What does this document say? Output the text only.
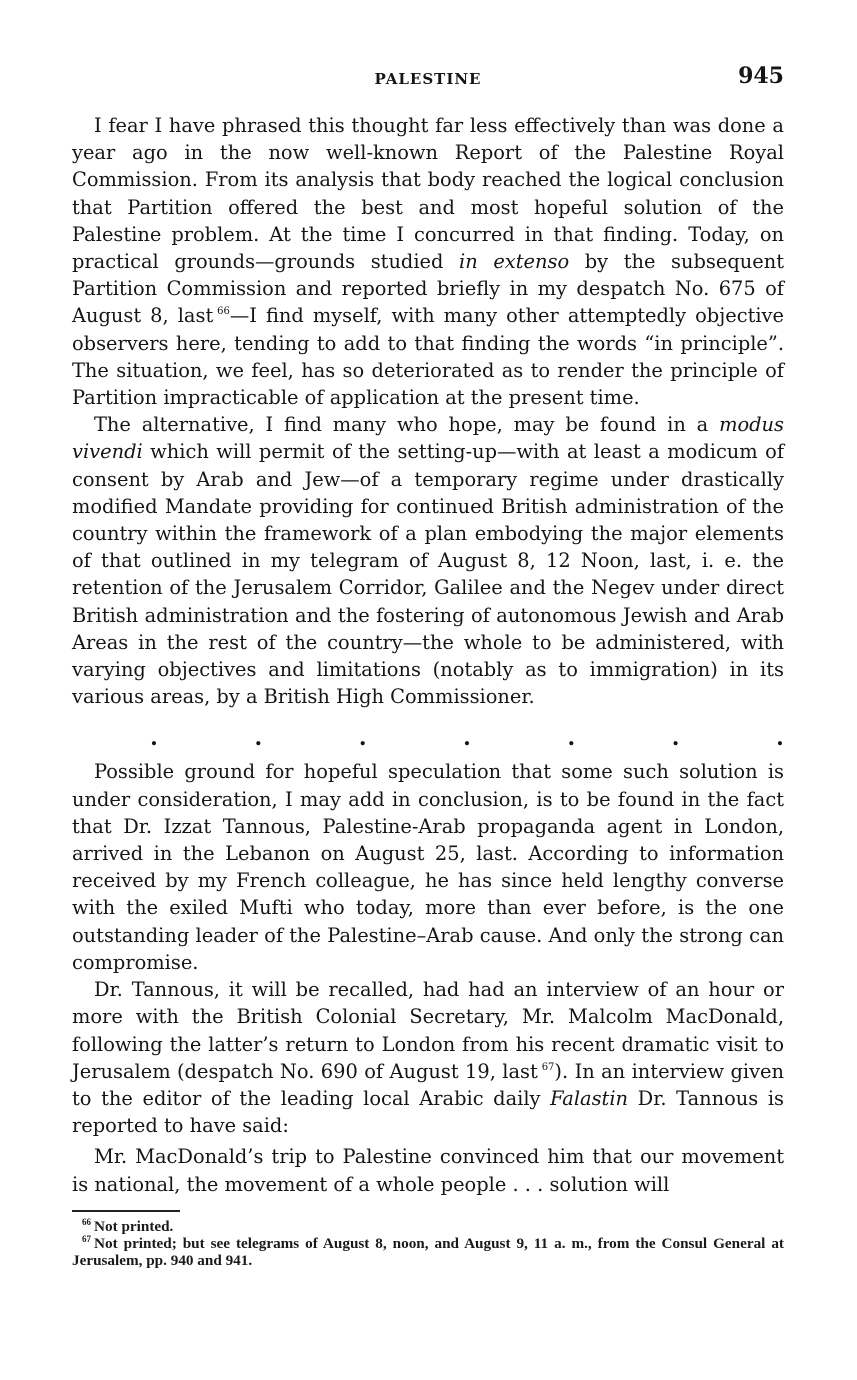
PALESTINE	945

I fear I have phrased this thought far less effectively than was done a year ago in the now well-known Report of the Palestine Royal Commission. From its analysis that body reached the logical conclusion that Partition offered the best and most hopeful solution of the Palestine problem. At the time I concurred in that finding. Today, on practical grounds—grounds studied in extenso by the subsequent Partition Commission and reported briefly in my despatch No. 675 of August 8, last  $^{66}$—I find myself, with many other attemptedly objective observers here, tending to add to that finding the words “in principle”. The situation, we feel, has so deteriorated as to render the principle of Partition impracticable of application at the present time.

The alternative, I find many who hope, may be found in a modus vivendi which will permit of the setting-up—with at least a modicum of consent by Arab and Jew—of a temporary regime under drastically modified Mandate providing for continued British administration of the country within the framework of a plan embodying the major elements of that outlined in my telegram of August 8, 12 Noon, last, i. e. the retention of the Jerusalem Corridor, Galilee and the Negev under direct British administration and the fostering of autonomous Jewish and Arab Areas in the rest of the country—the whole to be administered, with varying objectives and limitations (notably as to immigration) in its various areas, by a British High Commissioner.

.	.	.	.	.	.	.

Possible ground for hopeful speculation that some such solution is under consideration, I may add in conclusion, is to be found in the fact that Dr. Izzat Tannous, Palestine-Arab propaganda agent in London, arrived in the Lebanon on August 25, last. According to information received by my French colleague, he has since held lengthy converse with the exiled Mufti who today, more than ever before, is the one outstanding leader of the Palestine–Arab cause. And only the strong can compromise.

Dr. Tannous, it will be recalled, had had an interview of an hour or more with the British Colonial Secretary, Mr. Malcolm MacDonald, following the latter’s return to London from his recent dramatic visit to Jerusalem (despatch No. 690 of August 19, last  $^{67}$). In an interview given to the editor of the leading local Arabic daily Falastin Dr. Tannous is reported to have said:

Mr. MacDonald’s trip to Palestine convinced him that our movement is national, the movement of a whole people . . . solution will

$^{66}$  Not printed.
$^{67}$  Not printed; but see telegrams of August 8, noon, and August 9, 11 a. m., from the Consul General at Jerusalem, pp. 940 and 941.
